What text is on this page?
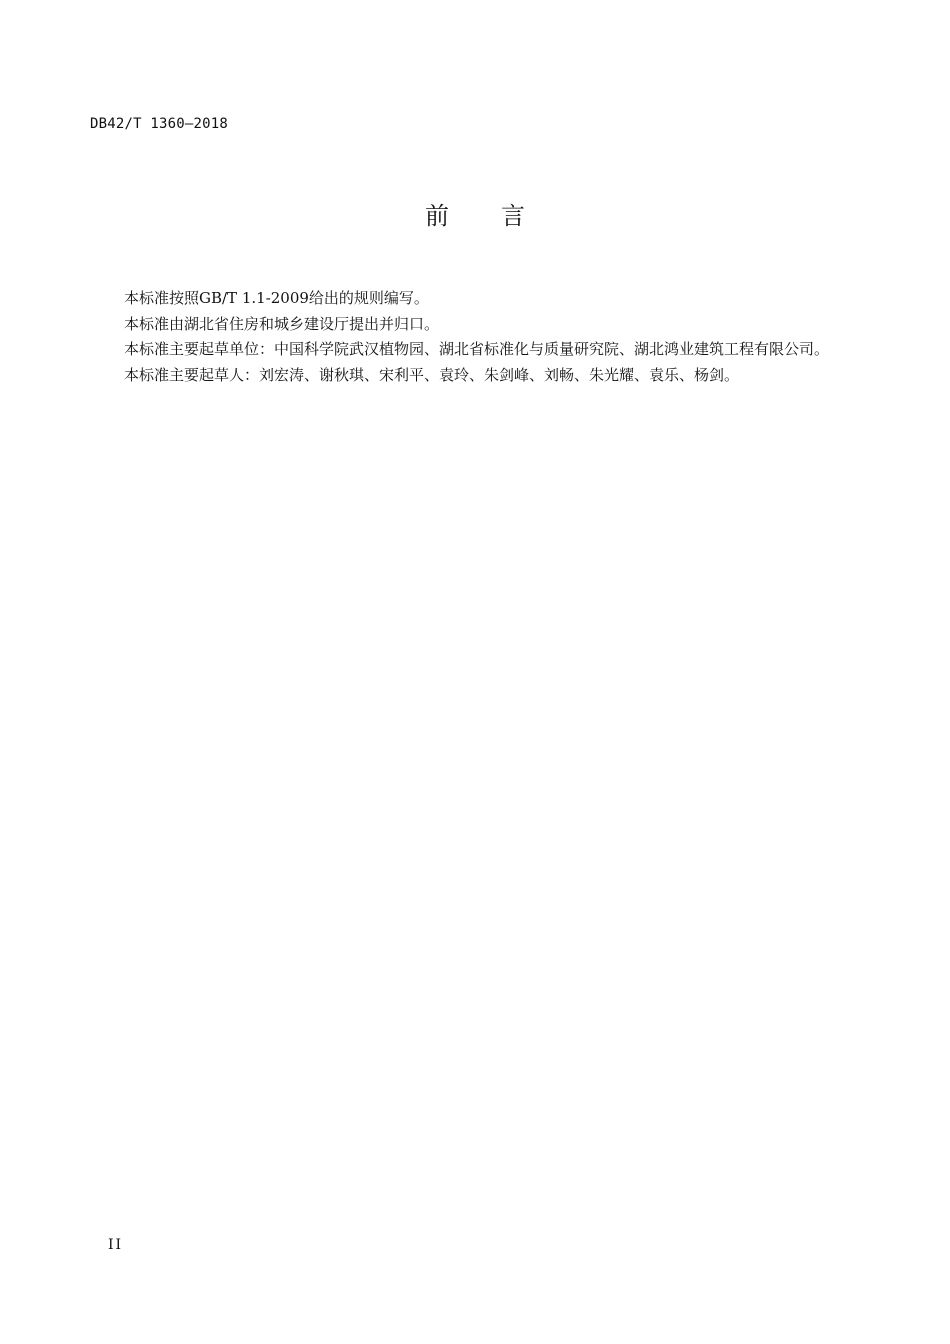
DB42/T 1360—2018
前言

本标准按照GB/T 1.1-2009给出的规则编写。

本标准由湖北省住房和城乡建设厅提出并归口。

本标准主要起草单位：中国科学院武汉植物园、湖北省标准化与质量研究院、湖北鸿业建筑工程有限公司。

本标准主要起草人：刘宏涛、谢秋琪、宋利平、袁玲、朱剑峰、刘畅、朱光耀、袁乐、杨剑。

II
